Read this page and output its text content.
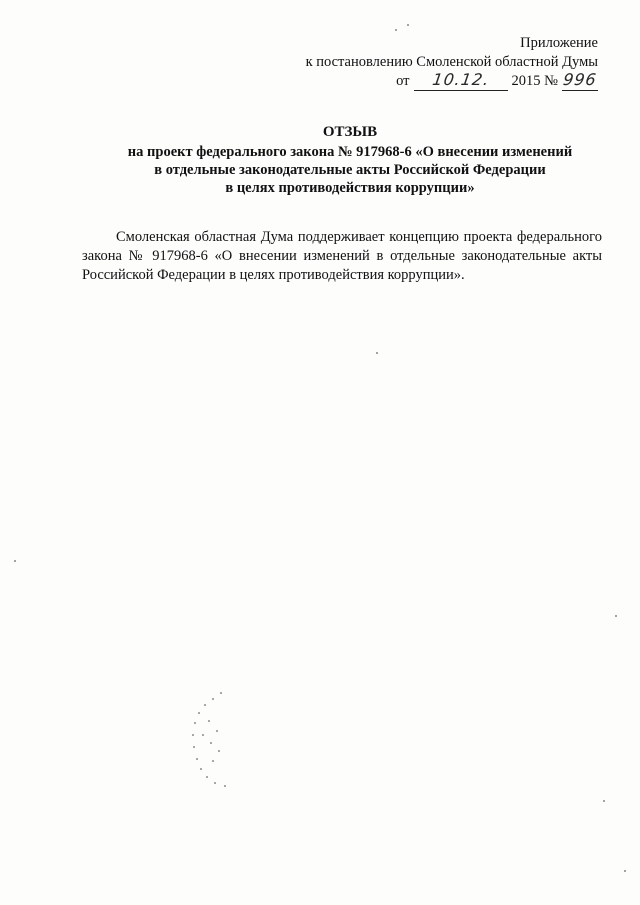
Приложение
к постановлению Смоленской областной Думы
от	10.12.	2015 № 996
ОТЗЫВ
на проект федерального закона № 917968-6 «О внесении изменений
в отдельные законодательные акты Российской Федерации
в целях противодействия коррупции»

Смоленская областная Дума поддерживает концепцию проекта федерального закона № 917968-6 «О внесении изменений в отдельные законодательные акты Российской Федерации в целях противодействия коррупции».
